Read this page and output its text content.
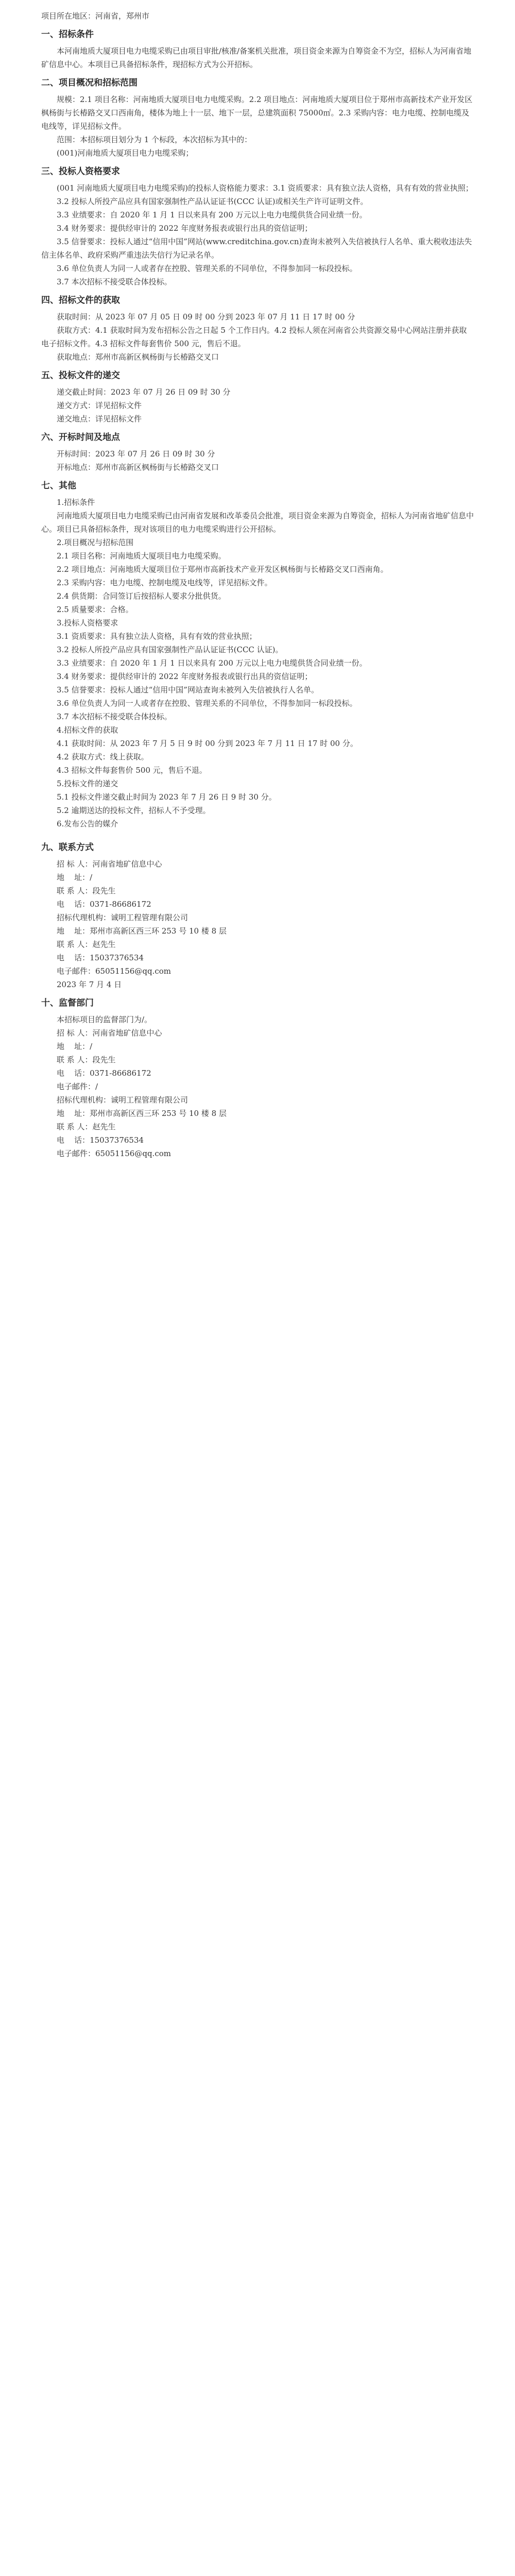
项目所在地区：河南省，郑州市

一、招标条件

本河南地质大厦项目电力电缆采购已由项目审批/核准/备案机关批准，项目资金来源为自筹资金不为空，招标人为河南省地矿信息中心。本项目已具备招标条件，现招标方式为公开招标。

二、项目概况和招标范围

规模：2.1 项目名称：河南地质大厦项目电力电缆采购。2.2 项目地点：河南地质大厦项目位于郑州市高新技术产业开发区枫杨街与长椿路交叉口西南角，楼体为地上十一层、地下一层，总建筑面积 75000㎡。2.3 采购内容：电力电缆、控制电缆及电线等，详见招标文件。

范围：本招标项目划分为 1 个标段，本次招标为其中的：

(001)河南地质大厦项目电力电缆采购；

三、投标人资格要求

(001 河南地质大厦项目电力电缆采购)的投标人资格能力要求：3.1 资质要求：具有独立法人资格，具有有效的营业执照；

3.2 投标人所投产品应具有国家强制性产品认证证书(CCC 认证)或相关生产许可证明文件。

3.3 业绩要求：自 2020 年 1 月 1 日以来具有 200 万元以上电力电缆供货合同业绩一份。

3.4 财务要求：提供经审计的 2022 年度财务报表或银行出具的资信证明；

3.5 信誉要求：投标人通过“信用中国”网站(www.creditchina.gov.cn)查询未被列入失信被执行人名单、重大税收违法失信主体名单、政府采购严重违法失信行为记录名单。

3.6 单位负责人为同一人或者存在控股、管理关系的不同单位，不得参加同一标段投标。

3.7 本次招标不接受联合体投标。

四、招标文件的获取

获取时间：从 2023 年 07 月 05 日 09 时 00 分到 2023 年 07 月 11 日 17 时 00 分

获取方式：4.1 获取时间为发布招标公告之日起 5 个工作日内。4.2 投标人须在河南省公共资源交易中心网站注册并获取电子招标文件。4.3 招标文件每套售价 500 元，售后不退。

获取地点：郑州市高新区枫杨街与长椿路交叉口

五、投标文件的递交

递交截止时间：2023 年 07 月 26 日 09 时 30 分

递交方式：详见招标文件

递交地点：详见招标文件

六、开标时间及地点

开标时间：2023 年 07 月 26 日 09 时 30 分

开标地点：郑州市高新区枫杨街与长椿路交叉口

七、其他

1.招标条件

河南地质大厦项目电力电缆采购已由河南省发展和改革委员会批准，项目资金来源为自筹资金，招标人为河南省地矿信息中心。项目已具备招标条件，现对该项目的电力电缆采购进行公开招标。

2.项目概况与招标范围

2.1 项目名称：河南地质大厦项目电力电缆采购。

2.2 项目地点：河南地质大厦项目位于郑州市高新技术产业开发区枫杨街与长椿路交叉口西南角。

2.3 采购内容：电力电缆、控制电缆及电线等，详见招标文件。

2.4 供货期：合同签订后按招标人要求分批供货。

2.5 质量要求：合格。

3.投标人资格要求

3.1 资质要求：具有独立法人资格，具有有效的营业执照；

3.2 投标人所投产品应具有国家强制性产品认证证书(CCC 认证)。

3.3 业绩要求：自 2020 年 1 月 1 日以来具有 200 万元以上电力电缆供货合同业绩一份。

3.4 财务要求：提供经审计的 2022 年度财务报表或银行出具的资信证明；

3.5 信誉要求：投标人通过“信用中国”网站查询未被列入失信被执行人名单。

3.6 单位负责人为同一人或者存在控股、管理关系的不同单位，不得参加同一标段投标。

3.7 本次招标不接受联合体投标。

4.招标文件的获取

4.1 获取时间：从 2023 年 7 月 5 日 9 时 00 分到 2023 年 7 月 11 日 17 时 00 分。

4.2 获取方式：线上获取。

4.3 招标文件每套售价 500 元，售后不退。

5.投标文件的递交

5.1 投标文件递交截止时间为 2023 年 7 月 26 日 9 时 30 分。

5.2 逾期送达的投标文件，招标人不予受理。

6.发布公告的媒介

九、联系方式

招 标 人：河南省地矿信息中心

地    址：/

联 系 人：段先生

电    话：0371-86686172

招标代理机构：诚明工程管理有限公司

地    址：郑州市高新区西三环 253 号 10 楼 8 层

联 系 人：赵先生

电    话：15037376534

电子邮件：65051156@qq.com

2023 年 7 月 4 日

十、监督部门

本招标项目的监督部门为/。

招 标 人：河南省地矿信息中心

地    址：/

联 系 人：段先生

电    话：0371-86686172

电子邮件：/

招标代理机构：诚明工程管理有限公司

地    址：郑州市高新区西三环 253 号 10 楼 8 层

联 系 人：赵先生

电    话：15037376534

电子邮件：65051156@qq.com
